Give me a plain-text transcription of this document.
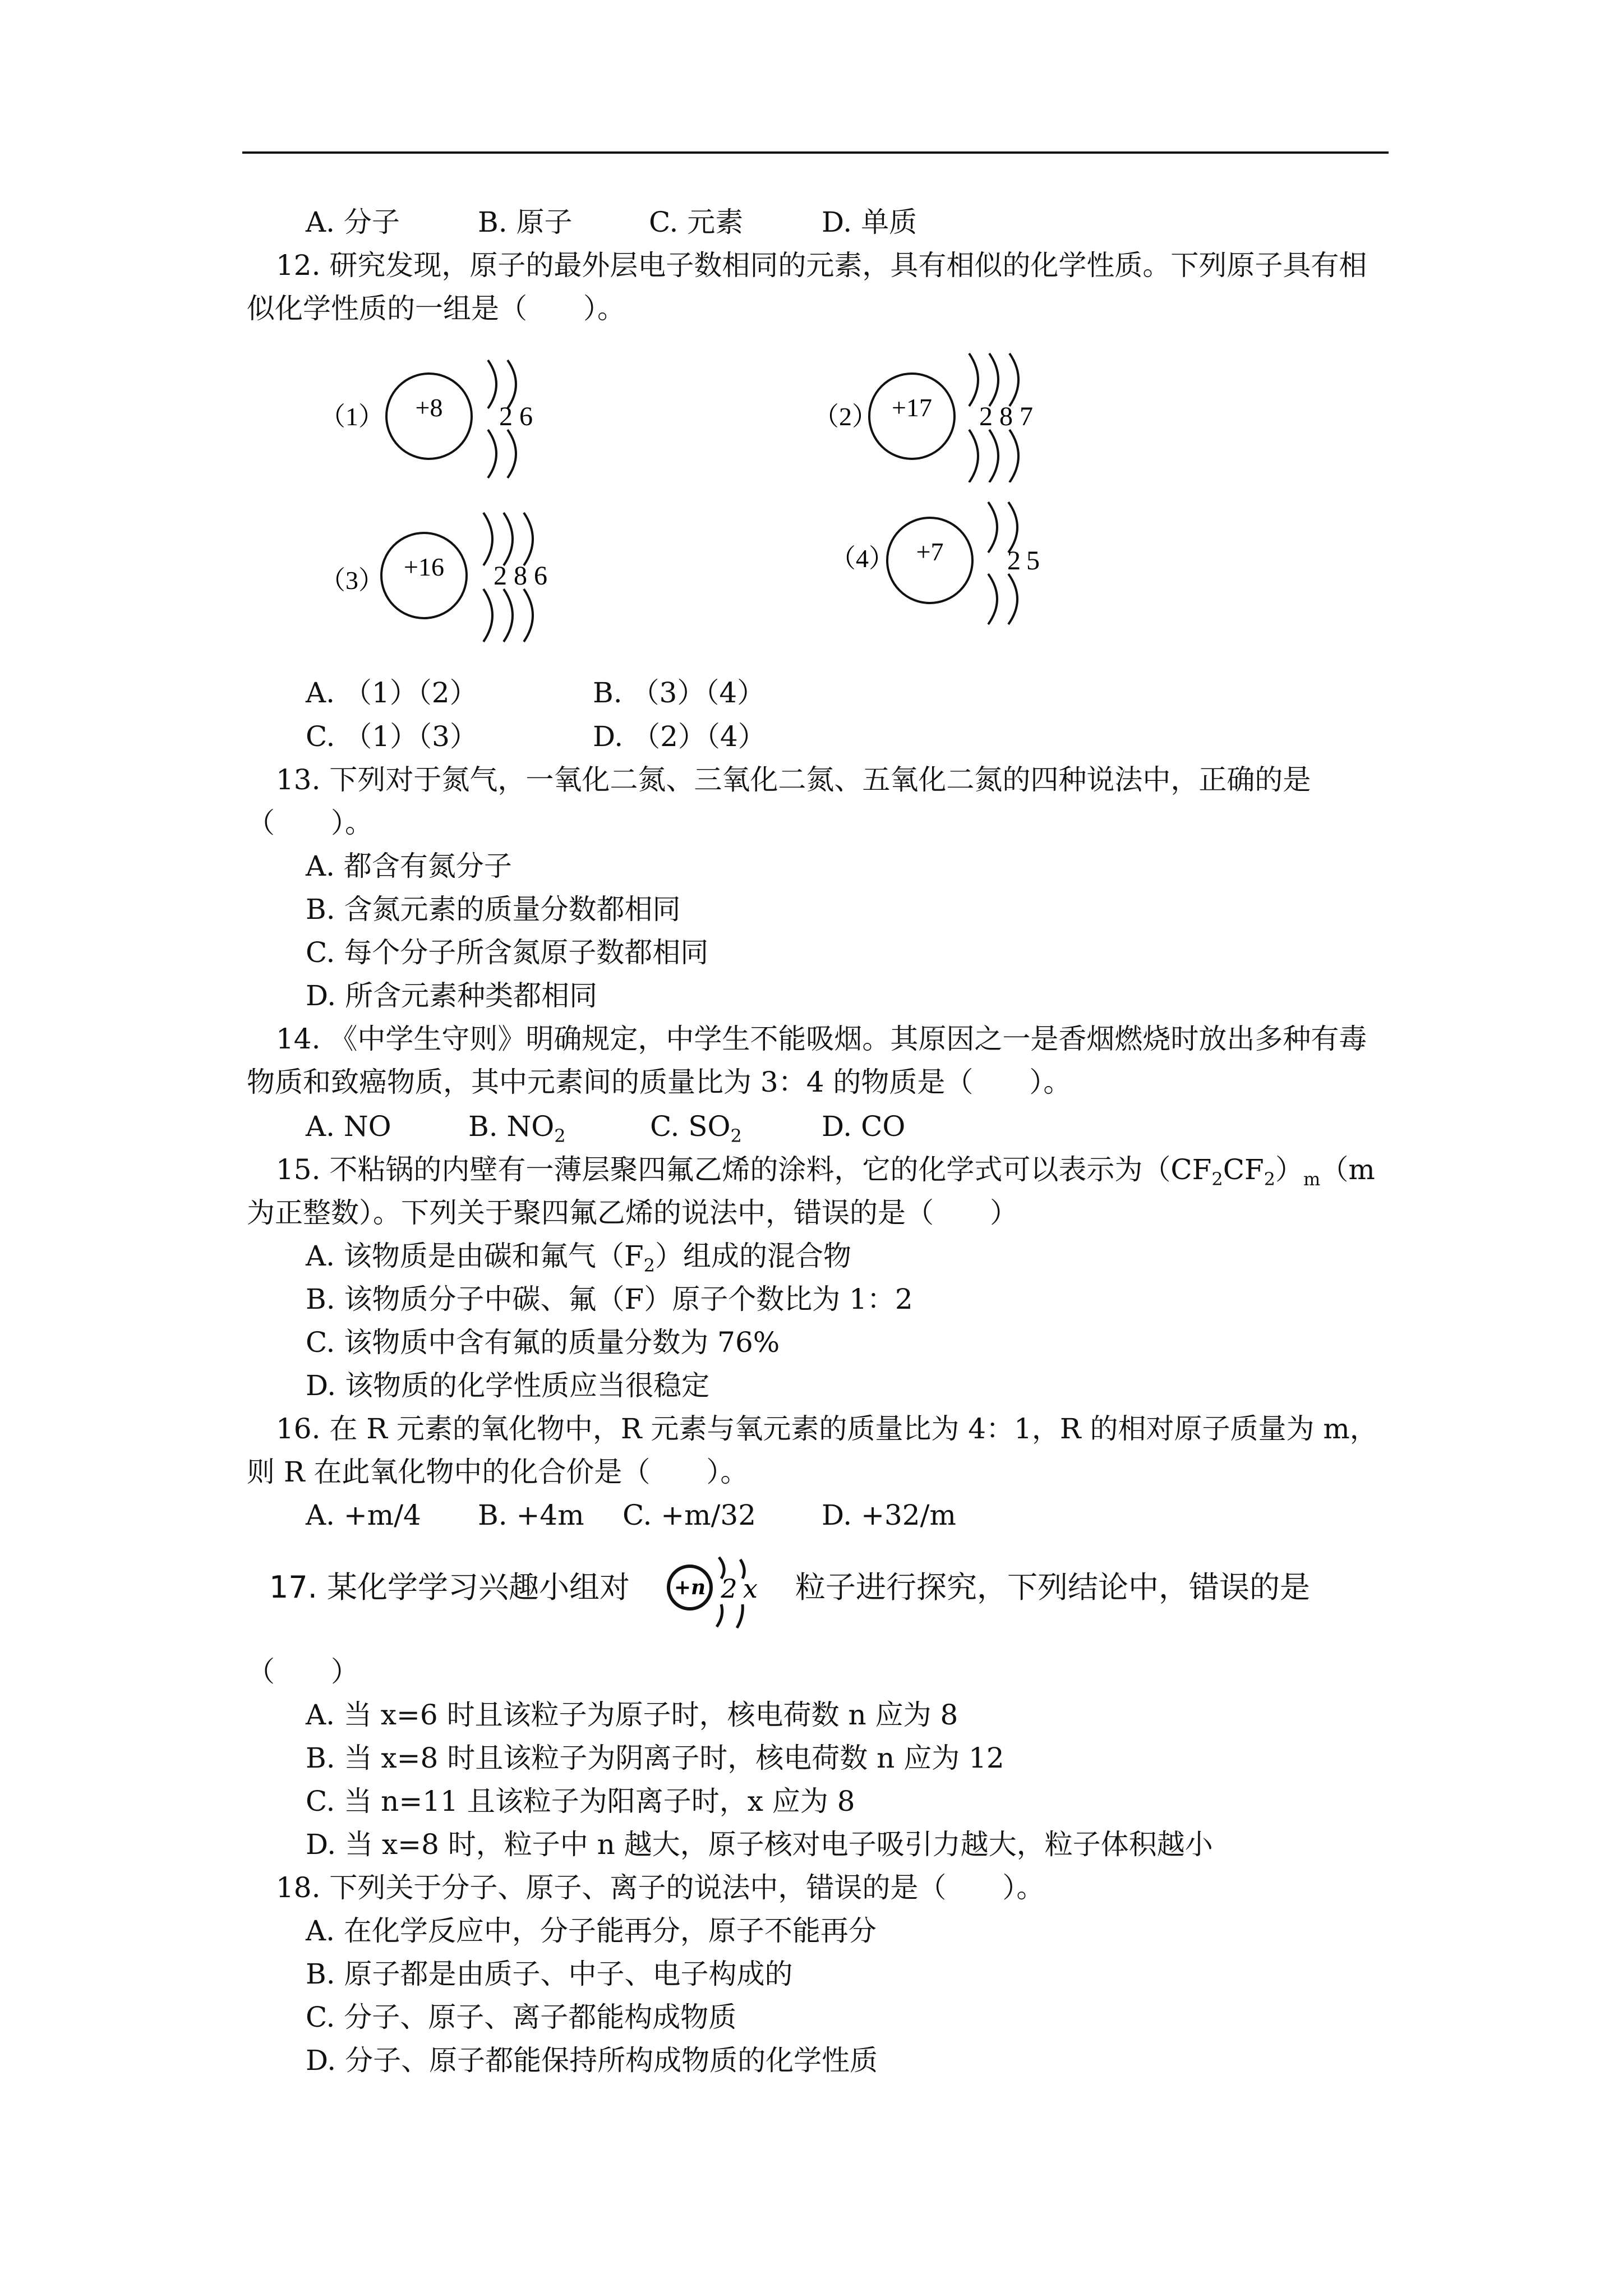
A. 分子	B. 原子	C. 元素	D. 单质
12. 研究发现，原子的最外层电子数相同的元素，具有相似的化学性质。下列原子具有相
似化学性质的一组是（　　）。
（1） +8 2 6	（2） +17 2 8 7
（3） +16 2 8 6
（4） +7 2 5
A. （1）（2）	B. （3）（4）
C. （1）（3）	D. （2）（4）
13. 下列对于氮气，一氧化二氮、三氧化二氮、五氧化二氮的四种说法中，正确的是
（　　）。
A. 都含有氮分子
B. 含氮元素的质量分数都相同
C. 每个分子所含氮原子数都相同
D. 所含元素种类都相同
14. 《中学生守则》明确规定，中学生不能吸烟。其原因之一是香烟燃烧时放出多种有毒
物质和致癌物质，其中元素间的质量比为 3：4 的物质是（　　）。
A. NO	B. $NO_2$	C. $SO_2$	D. CO
15. 不粘锅的内壁有一薄层聚四氟乙烯的涂料，它的化学式可以表示为$(CF_2CF_2)_m(m$
为正整数）。下列关于聚四氟乙烯的说法中，错误的是（　　）
A. 该物质是由碳和氟气$(F_2)$组成的混合物
B. 该物质分子中碳、氟（F）原子个数比为 1：2
C. 该物质中含有氟的质量分数为 76%
D. 该物质的化学性质应当很稳定
16. 在 R 元素的氧化物中，R 元素与氧元素的质量比为 4：1，R 的相对原子质量为 m，
则 R 在此氧化物中的化合价是（　　）。
A. +m/4 B. +4m C. +m/32 D. +32/m
17. 某化学学习兴趣小组对 +n 2 x 粒子进行探究，下列结论中，错误的是
（　　）
A. 当 x=6 时且该粒子为原子时，核电荷数 n 应为 8
B. 当 x=8 时且该粒子为阴离子时，核电荷数 n 应为 12
C. 当 n=11 且该粒子为阳离子时，x 应为 8
D. 当 x=8 时，粒子中 n 越大，原子核对电子吸引力越大，粒子体积越小
18. 下列关于分子、原子、离子的说法中，错误的是（　　）。
A. 在化学反应中，分子能再分，原子不能再分
B. 原子都是由质子、中子、电子构成的
C. 分子、原子、离子都能构成物质
D. 分子、原子都能保持所构成物质的化学性质
